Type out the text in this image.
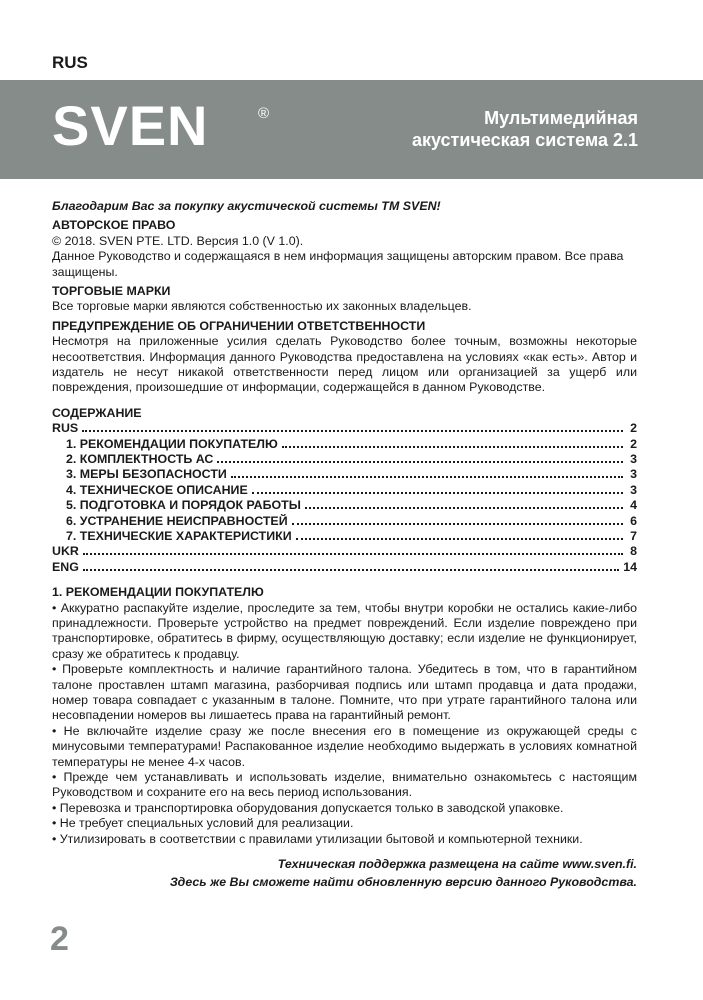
RUS
SVEN	®	Мультимедийная
акустическая система 2.1

Благодарим Вас за покупку акустической системы ТМ SVEN!

АВТОРСКОЕ ПРАВО

© 2018. SVEN PTE. LTD. Версия 1.0 (V 1.0).

Данное Руководство и содержащаяся в нем информация защищены авторским правом. Все права защищены.

ТОРГОВЫЕ МАРКИ

Все торговые марки являются собственностью их законных владельцев.

ПРЕДУПРЕЖДЕНИЕ ОБ ОГРАНИЧЕНИИ ОТВЕТСТВЕННОСТИ

Несмотря на приложенные усилия сделать Руководство более точным, возможны некоторые несоответствия. Информация данного Руководства предоставлена на условиях «как есть». Автор и издатель не несут никакой ответственности перед лицом или организацией за ущерб или повреждения, произошедшие от информации, содержащейся в данном Руководстве.

СОДЕРЖАНИЕ

RUS	2
1. РЕКОМЕНДАЦИИ ПОКУПАТЕЛЮ	2
2. КОМПЛЕКТНОСТЬ АС	3
3. МЕРЫ БЕЗОПАСНОСТИ	3
4. ТЕХНИЧЕСКОЕ ОПИСАНИЕ	3
5. ПОДГОТОВКА И ПОРЯДОК РАБОТЫ	4
6. УСТРАНЕНИЕ НЕИСПРАВНОСТЕЙ	6
7. ТЕХНИЧЕСКИЕ ХАРАКТЕРИСТИКИ	7
UKR	8
ENG	14

1. РЕКОМЕНДАЦИИ ПОКУПАТЕЛЮ

• Аккуратно распакуйте изделие, проследите за тем, чтобы внутри коробки не остались какие-либо принадлежности. Проверьте устройство на предмет повреждений. Если изделие повреждено при транспортировке, обратитесь в фирму, осуществляющую доставку; если изделие не функционирует, сразу же обратитесь к продавцу.

• Проверьте комплектность и наличие гарантийного талона. Убедитесь в том, что в гарантийном талоне проставлен штамп магазина, разборчивая подпись или штамп продавца и дата продажи, номер товара совпадает с указанным в талоне. Помните, что при утрате гарантийного талона или несовпадении номеров вы лишаетесь права на гарантийный ремонт.

• Не включайте изделие сразу же после внесения его в помещение из окружающей среды с минусовыми температурами! Распакованное изделие необходимо выдержать в условиях комнатной температуры не менее 4-х часов.

• Прежде чем устанавливать и использовать изделие, внимательно ознакомьтесь с настоящим Руководством и сохраните его на весь период использования.

• Перевозка и транспортировка оборудования допускается только в заводской упаковке.

• Не требует специальных условий для реализации.

• Утилизировать в соответствии с правилами утилизации бытовой и компьютерной техники.

Техническая поддержка размещена на сайте www.sven.fi.
Здесь же Вы сможете найти обновленную версию данного Руководства.
2
